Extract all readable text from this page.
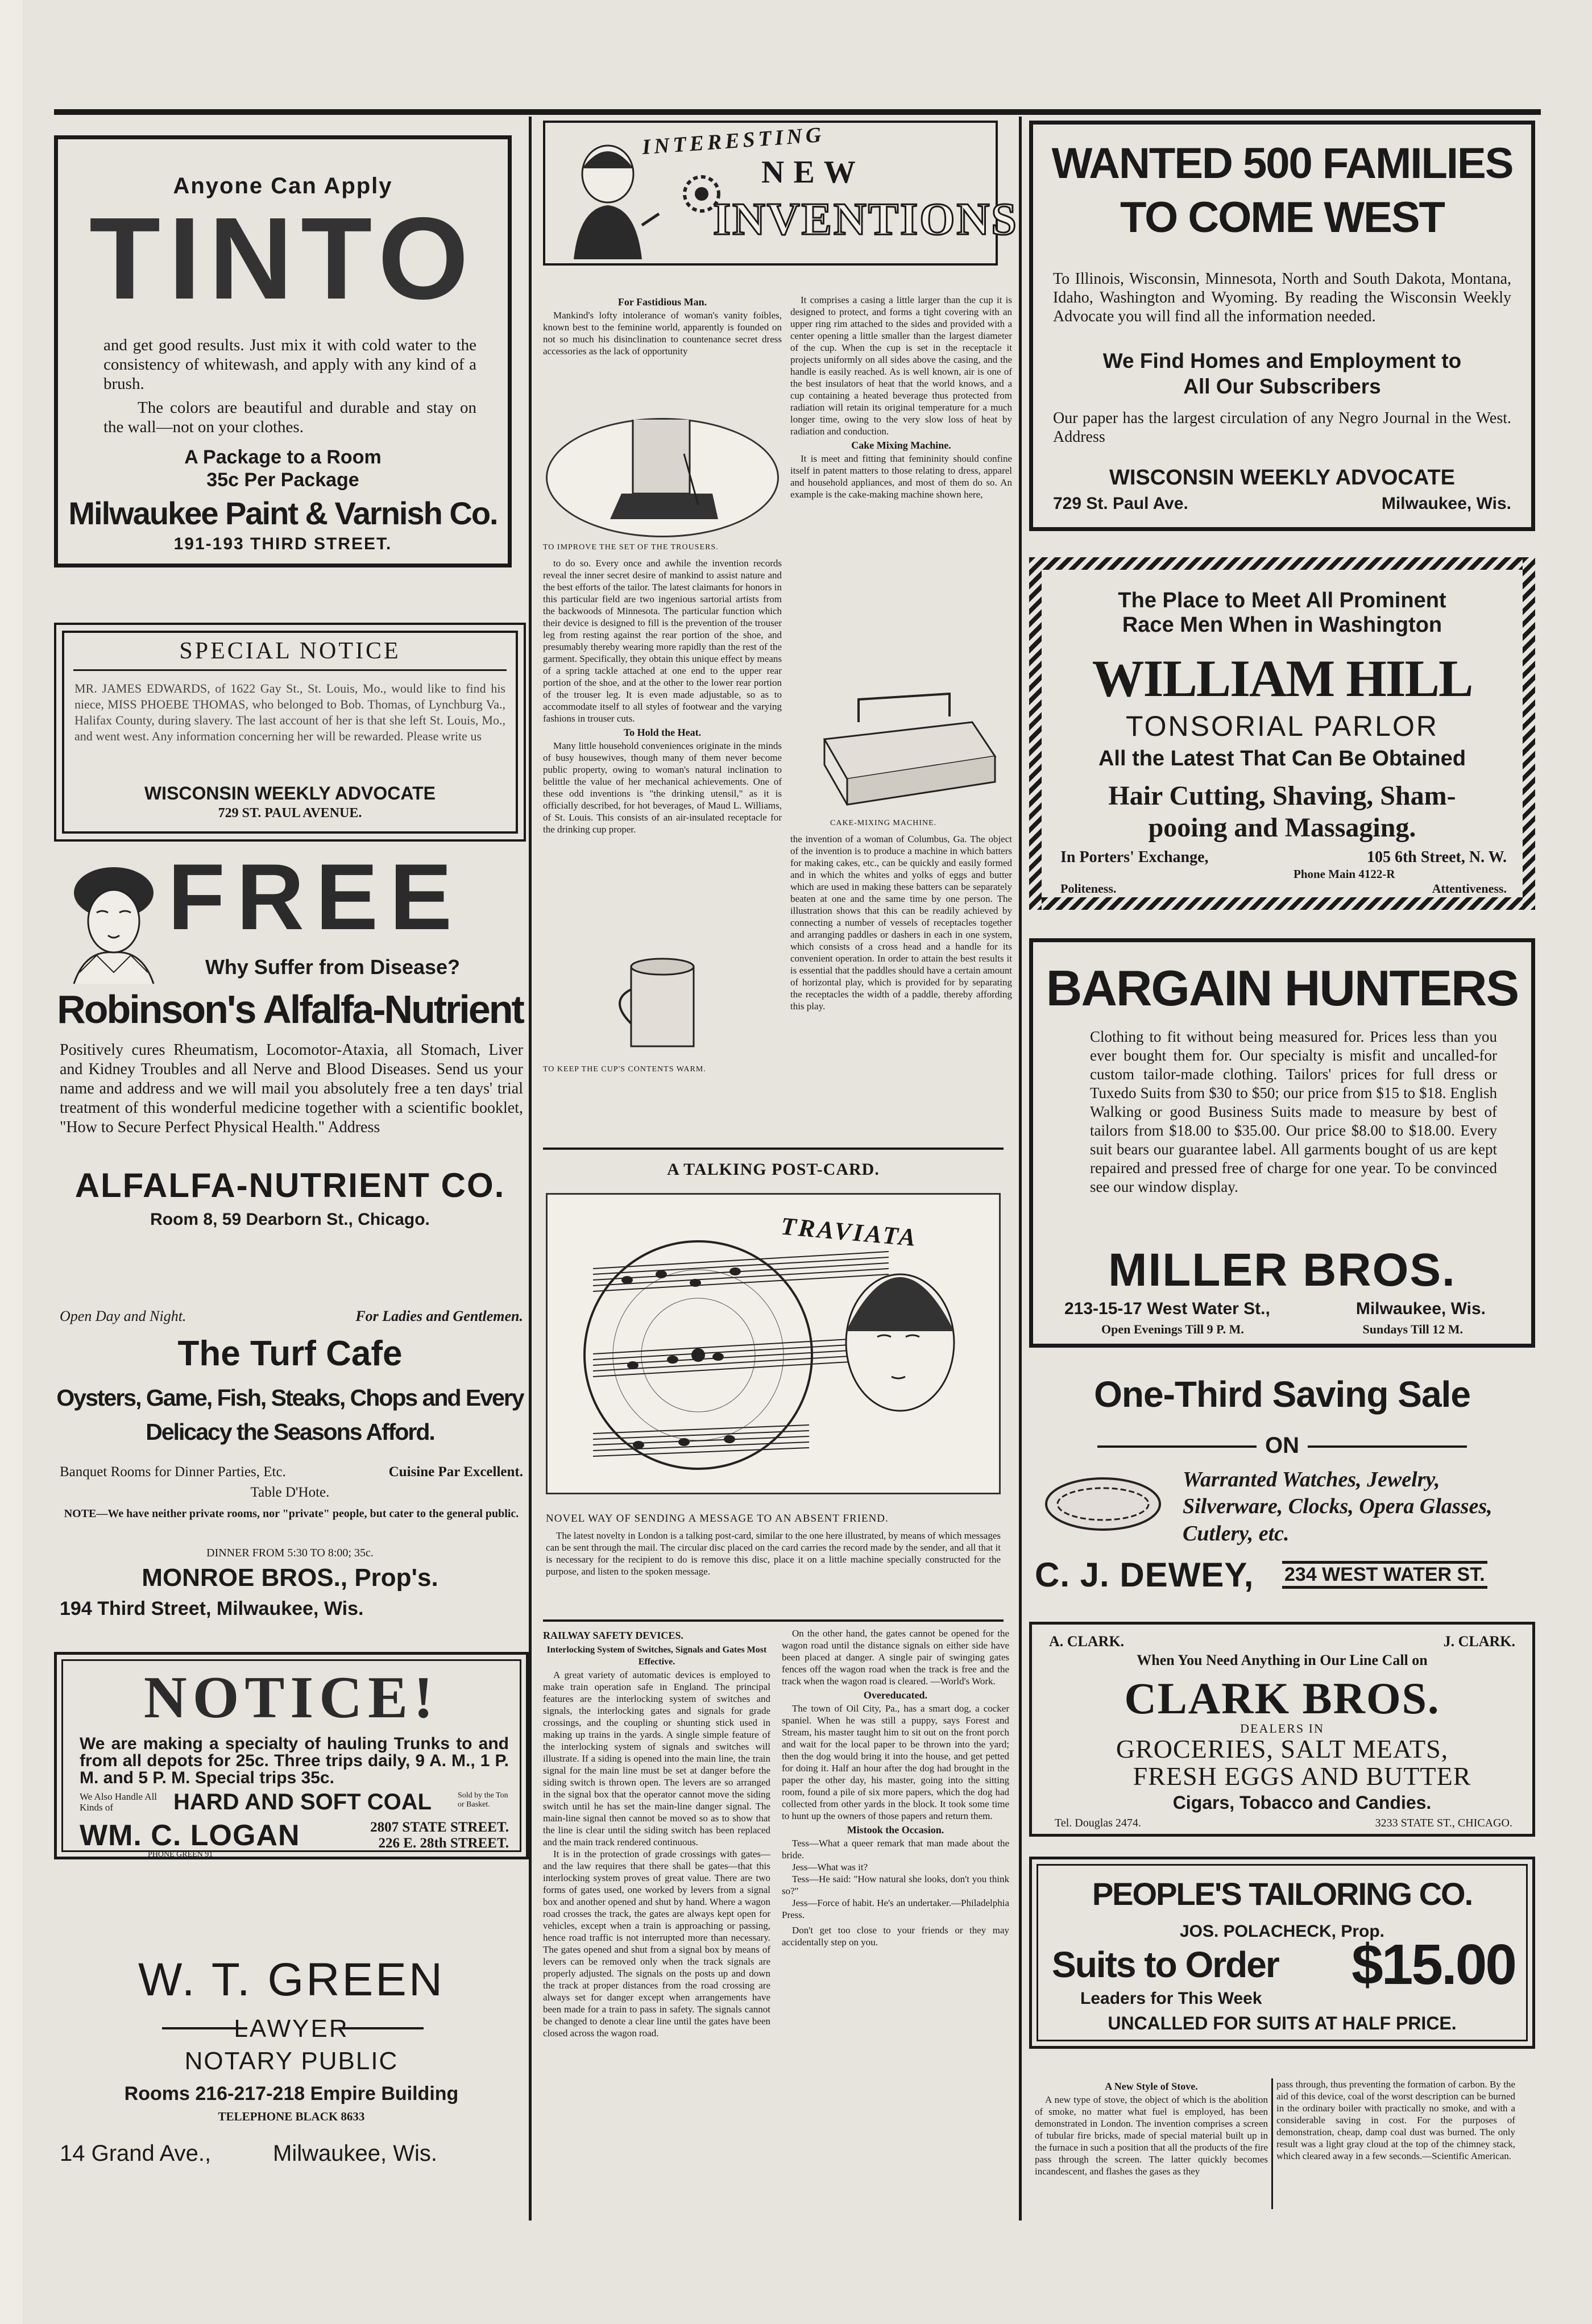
Anyone Can Apply
TINTO
and get good results. Just mix it with cold water to the consistency of whitewash, and apply with any kind of a brush.
The colors are beautiful and durable and stay on the wall—not on your clothes.
A Package to a Room
35c Per Package
Milwaukee Paint & Varnish Co.
191-193 THIRD STREET.
SPECIAL NOTICE
MR. JAMES EDWARDS, of 1622 Gay St., St. Louis, Mo., would like to find his niece, MISS PHOEBE THOMAS, who belonged to Bob. Thomas, of Lynchburg Va., Halifax County, during slavery. The last account of her is that she left St. Louis, Mo., and went west. Any information concerning her will be rewarded. Please write us
WISCONSIN WEEKLY ADVOCATE
729 ST. PAUL AVENUE.
FREE
Why Suffer from Disease?
Robinson's Alfalfa-Nutrient
Positively cures Rheumatism, Locomotor-Ataxia, all Stomach, Liver and Kidney Troubles and all Nerve and Blood Diseases. Send us your name and address and we will mail you absolutely free a ten days' trial treatment of this wonderful medicine together with a scientific booklet, "How to Secure Perfect Physical Health." Address
ALFALFA-NUTRIENT CO.
Room 8, 59 Dearborn St., Chicago.
Open Day and Night.	For Ladies and Gentlemen.
The Turf Cafe
Oysters, Game, Fish, Steaks, Chops and Every
Delicacy the Seasons Afford.
Banquet Rooms for Dinner Parties, Etc.	Cuisine Par Excellent.
Table D'Hote.
NOTE—We have neither private rooms, nor "private" people, but cater to the general public.
DINNER FROM 5:30 TO 8:00; 35c.
MONROE BROS., Prop's.
194 Third Street, Milwaukee, Wis.
NOTICE!
We are making a specialty of hauling Trunks to and from all depots for 25c. Three trips daily, 9 A. M., 1 P. M. and 5 P. M. Special trips 35c.
We Also Handle All Kinds of	HARD AND SOFT COAL	Sold by the Ton or Basket.
WM. C. LOGAN
PHONE GREEN 91
2807 STATE STREET.
226 E. 28th STREET.
W. T. GREEN
LAWYER
NOTARY PUBLIC
Rooms 216-217-218 Empire Building
TELEPHONE BLACK 8633
14 Grand Ave.,	Milwaukee, Wis.
INTERESTING
NEW
INVENTIONS
For Fastidious Man.

Mankind's lofty intolerance of woman's vanity foibles, known best to the feminine world, apparently is founded on not so much his disinclination to countenance secret dress accessories as the lack of opportunity

TO IMPROVE THE SET OF THE TROUSERS.

to do so. Every once and awhile the invention records reveal the inner secret desire of mankind to assist nature and the best efforts of the tailor. The latest claimants for honors in this particular field are two ingenious sartorial artists from the backwoods of Minnesota. The particular function which their device is designed to fill is the prevention of the trouser leg from resting against the rear portion of the shoe, and presumably thereby wearing more rapidly than the rest of the garment. Specifically, they obtain this unique effect by means of a spring tackle attached at one end to the upper rear portion of the shoe, and at the other to the lower rear portion of the trouser leg. It is even made adjustable, so as to accommodate itself to all styles of footwear and the varying fashions in trouser cuts.

To Hold the Heat.

Many little household conveniences originate in the minds of busy housewives, though many of them never become public property, owing to woman's natural inclination to belittle the value of her mechanical achievements. One of these odd inventions is "the drinking utensil," as it is officially described, for hot beverages, of Maud L. Williams, of St. Louis. This consists of an air-insulated receptacle for the drinking cup proper.

TO KEEP THE CUP'S CONTENTS WARM.

It comprises a casing a little larger than the cup it is designed to protect, and forms a tight covering with an upper ring rim attached to the sides and provided with a center opening a little smaller than the largest diameter of the cup. When the cup is set in the receptacle it projects uniformly on all sides above the casing, and the handle is easily reached. As is well known, air is one of the best insulators of heat that the world knows, and a cup containing a heated beverage thus protected from radiation will retain its original temperature for a much longer time, owing to the very slow loss of heat by radiation and conduction.

Cake Mixing Machine.

It is meet and fitting that femininity should confine itself in patent matters to those relating to dress, apparel and household appliances, and most of them do so. An example is the cake-making machine shown here,

CAKE-MIXING MACHINE.

the invention of a woman of Columbus, Ga. The object of the invention is to produce a machine in which batters for making cakes, etc., can be quickly and easily formed and in which the whites and yolks of eggs and butter which are used in making these batters can be separately beaten at one and the same time by one person. The illustration shows that this can be readily achieved by connecting a number of vessels of receptacles together and arranging paddles or dashers in each in one system, which consists of a cross head and a handle for its convenient operation. In order to attain the best results it is essential that the paddles should have a certain amount of horizontal play, which is provided for by separating the receptacles the width of a paddle, thereby affording this play.

A TALKING POST-CARD.
TRAVIATA
NOVEL WAY OF SENDING A MESSAGE TO AN ABSENT FRIEND.

The latest novelty in London is a talking post-card, similar to the one here illustrated, by means of which messages can be sent through the mail. The circular disc placed on the card carries the record made by the sender, and all that it is necessary for the recipient to do is remove this disc, place it on a little machine specially constructed for the purpose, and listen to the spoken message.

RAILWAY SAFETY DEVICES.
Interlocking System of Switches, Signals and Gates Most Effective.

A great variety of automatic devices is employed to make train operation safe in England. The principal features are the interlocking system of switches and signals, the interlocking gates and signals for grade crossings, and the coupling or shunting stick used in making up trains in the yards. A single simple feature of the interlocking system of signals and switches will illustrate. If a siding is opened into the main line, the train signal for the main line must be set at danger before the siding switch is thrown open. The levers are so arranged in the signal box that the operator cannot move the siding switch until he has set the main-line danger signal. The main-line signal then cannot be moved so as to show that the line is clear until the siding switch has been replaced and the main track rendered continuous.

It is in the protection of grade crossings with gates—and the law requires that there shall be gates—that this interlocking system proves of great value. There are two forms of gates used, one worked by levers from a signal box and another opened and shut by hand. Where a wagon road crosses the track, the gates are always kept open for vehicles, except when a train is approaching or passing, hence road traffic is not interrupted more than necessary. The gates opened and shut from a signal box by means of levers can be removed only when the track signals are properly adjusted. The signals on the posts up and down the track at proper distances from the road crossing are always set for danger except when arrangements have been made for a train to pass in safety. The signals cannot be changed to denote a clear line until the gates have been closed across the wagon road.

On the other hand, the gates cannot be opened for the wagon road until the distance signals on either side have been placed at danger. A single pair of swinging gates fences off the wagon road when the track is free and the track when the wagon road is cleared. —World's Work.

Overeducated.

The town of Oil City, Pa., has a smart dog, a cocker spaniel. When he was still a puppy, says Forest and Stream, his master taught him to sit out on the front porch and wait for the local paper to be thrown into the yard; then the dog would bring it into the house, and get petted for doing it. Half an hour after the dog had brought in the paper the other day, his master, going into the sitting room, found a pile of six more papers, which the dog had collected from other yards in the block. It took some time to hunt up the owners of those papers and return them.

Mistook the Occasion.

Tess—What a queer remark that man made about the bride.

Jess—What was it?

Tess—He said: "How natural she looks, don't you think so?"

Jess—Force of habit. He's an undertaker.—Philadelphia Press.

Don't get too close to your friends or they may accidentally step on you.

WANTED 500 FAMILIES
TO COME WEST
To Illinois, Wisconsin, Minnesota, North and South Dakota, Montana, Idaho, Washington and Wyoming. By reading the Wisconsin Weekly Advocate you will find all the information needed.
We Find Homes and Employment to
All Our Subscribers
Our paper has the largest circulation of any Negro Journal in the West. Address
WISCONSIN WEEKLY ADVOCATE
729 St. Paul Ave.	Milwaukee, Wis.
The Place to Meet All Prominent
Race Men When in Washington
WILLIAM HILL
TONSORIAL PARLOR
All the Latest That Can Be Obtained
Hair Cutting, Shaving, Sham-
pooing and Massaging.
In Porters' Exchange,	105 6th Street, N. W.
Phone Main 4122-R
Politeness.	Attentiveness.
BARGAIN HUNTERS
Clothing to fit without being measured for. Prices less than you ever bought them for. Our specialty is misfit and uncalled-for custom tailor-made clothing. Tailors' prices for full dress or Tuxedo Suits from $30 to $50; our price from $15 to $18. English Walking or good Business Suits made to measure by best of tailors from $18.00 to $35.00. Our price $8.00 to $18.00. Every suit bears our guarantee label. All garments bought of us are kept repaired and pressed free of charge for one year. To be convinced see our window display.
MILLER BROS.
213-15-17 West Water St.,	Milwaukee, Wis.
Open Evenings Till 9 P. M.	Sundays Till 12 M.
One-Third Saving Sale
ON
Warranted Watches, Jewelry,
Silverware, Clocks, Opera Glasses,
Cutlery, etc.
C. J. DEWEY, 234 WEST WATER ST.
A. CLARK.	J. CLARK.
When You Need Anything in Our Line Call on
CLARK BROS.
DEALERS IN
GROCERIES, SALT MEATS,
FRESH EGGS AND BUTTER
Cigars, Tobacco and Candies.
Tel. Douglas 2474.	3233 STATE ST., CHICAGO.
PEOPLE'S TAILORING CO.
JOS. POLACHECK, Prop.
Suits to Order $15.00
Leaders for This Week
UNCALLED FOR SUITS AT HALF PRICE.
A New Style of Stove.

A new type of stove, the object of which is the abolition of smoke, no matter what fuel is employed, has been demonstrated in London. The invention comprises a screen of tubular fire bricks, made of special material built up in the furnace in such a position that all the products of the fire pass through the screen. The latter quickly becomes incandescent, and flashes the gases as they

pass through, thus preventing the formation of carbon. By the aid of this device, coal of the worst description can be burned in the ordinary boiler with practically no smoke, and with a considerable saving in cost. For the purposes of demonstration, cheap, damp coal dust was burned. The only result was a light gray cloud at the top of the chimney stack, which cleared away in a few seconds.—Scientific American.
